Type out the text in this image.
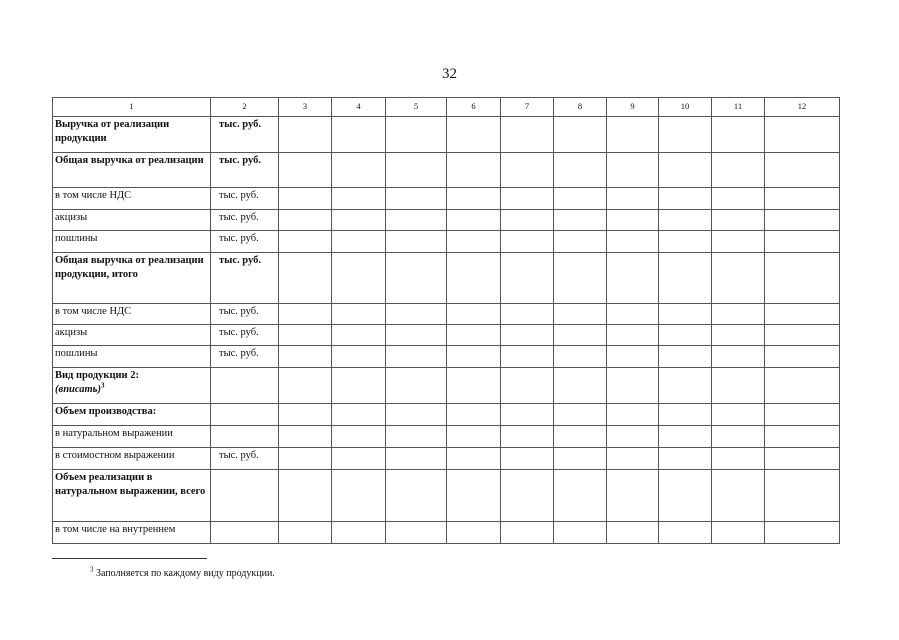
32
1	2	3	4	5	6	7	8	9	10	11	12
Выручка от реализации продукции	тыс. руб.										
Общая выручка от реализации	тыс. руб.										
в том числе НДС	тыс. руб.										
акцизы	тыс. руб.										
пошлины	тыс. руб.										
Общая выручка от реализации продукции, итого	тыс. руб.										
в том числе НДС	тыс. руб.										
акцизы	тыс. руб.										
пошлины	тыс. руб.										
Вид продукции 2:
(вписать)$^3$											
Объем производства:											
в натуральном выражении											
в стоимостном выражении	тыс. руб.										
Объем реализации в натуральном выражении, всего											
в том числе на внутреннем											
$^3$ Заполняется по каждому виду продукции.
